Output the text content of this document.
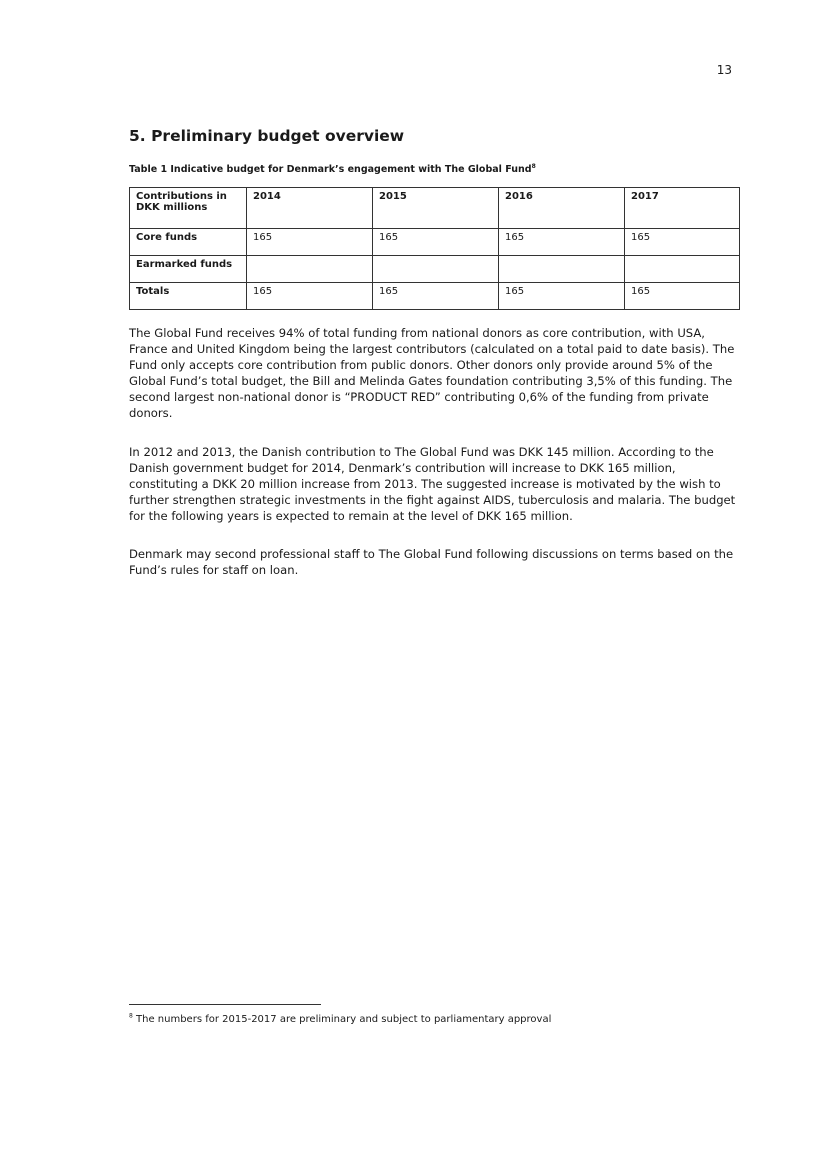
13
5. Preliminary budget overview

Table 1 Indicative budget for Denmark’s engagement with The Global Fund$^8$

Contributions in DKK millions	2014	2015	2016	2017
Core funds	165	165	165	165
Earmarked funds				
Totals	165	165	165	165

The Global Fund receives 94% of total funding from national donors as core contribution, with USA, France and United Kingdom being the largest contributors (calculated on a total paid to date basis). The Fund only accepts core contribution from public donors. Other donors only provide around 5% of the Global Fund’s total budget, the Bill and Melinda Gates foundation contributing 3,5% of this funding. The second largest non-national donor is “PRODUCT RED” contributing 0,6% of the funding from private donors.

In 2012 and 2013, the Danish contribution to The Global Fund was DKK 145 million. According to the Danish government budget for 2014, Denmark’s contribution will increase to DKK 165 million, constituting a DKK 20 million increase from 2013. The suggested increase is motivated by the wish to further strengthen strategic investments in the fight against AIDS, tuberculosis and malaria. The budget for the following years is expected to remain at the level of DKK 165 million.

Denmark may second professional staff to The Global Fund following discussions on terms based on the Fund’s rules for staff on loan.

$^8$ The numbers for 2015-2017 are preliminary and subject to parliamentary approval
